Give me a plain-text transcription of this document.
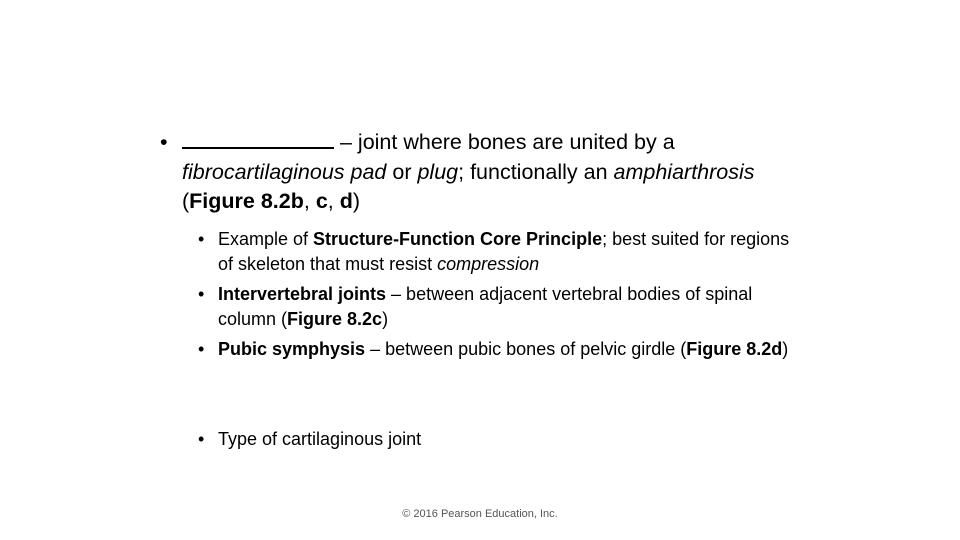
•	– joint where bones are united by a fibrocartilaginous pad or plug; functionally an amphiarthrosis (Figure 8.2b, c, d)
• Example of Structure-Function Core Principle; best suited for regions of skeleton that must resist compression
• Intervertebral joints – between adjacent vertebral bodies of spinal column (Figure 8.2c)
• Pubic symphysis – between pubic bones of pelvic girdle (Figure 8.2d)
• Type of cartilaginous joint
© 2016 Pearson Education, Inc.
